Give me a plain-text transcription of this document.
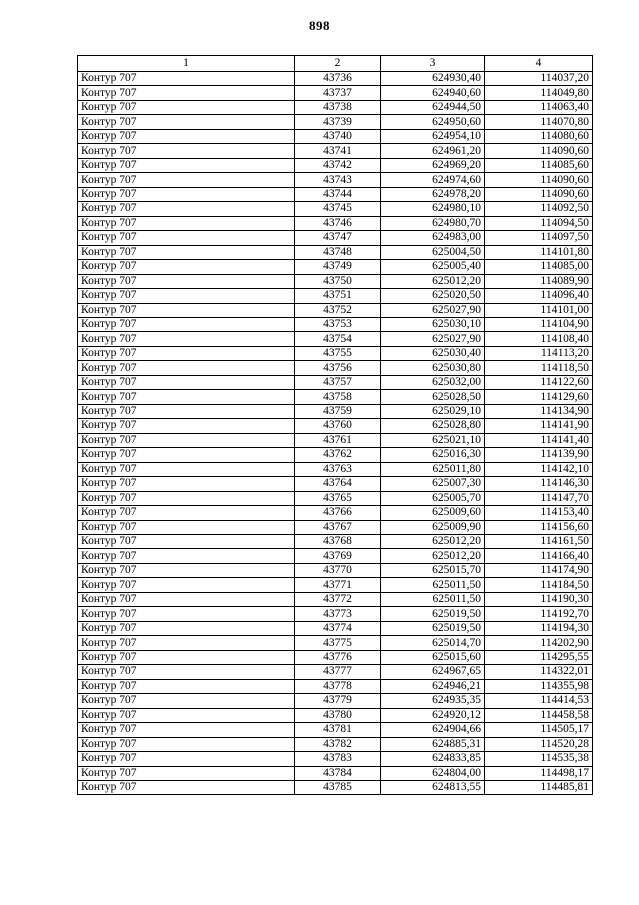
898
1	2	3	4
Контур 707	43736	624930,40	114037,20
Контур 707	43737	624940,60	114049,80
Контур 707	43738	624944,50	114063,40
Контур 707	43739	624950,60	114070,80
Контур 707	43740	624954,10	114080,60
Контур 707	43741	624961,20	114090,60
Контур 707	43742	624969,20	114085,60
Контур 707	43743	624974,60	114090,60
Контур 707	43744	624978,20	114090,60
Контур 707	43745	624980,10	114092,50
Контур 707	43746	624980,70	114094,50
Контур 707	43747	624983,00	114097,50
Контур 707	43748	625004,50	114101,80
Контур 707	43749	625005,40	114085,00
Контур 707	43750	625012,20	114089,90
Контур 707	43751	625020,50	114096,40
Контур 707	43752	625027,90	114101,00
Контур 707	43753	625030,10	114104,90
Контур 707	43754	625027,90	114108,40
Контур 707	43755	625030,40	114113,20
Контур 707	43756	625030,80	114118,50
Контур 707	43757	625032,00	114122,60
Контур 707	43758	625028,50	114129,60
Контур 707	43759	625029,10	114134,90
Контур 707	43760	625028,80	114141,90
Контур 707	43761	625021,10	114141,40
Контур 707	43762	625016,30	114139,90
Контур 707	43763	625011,80	114142,10
Контур 707	43764	625007,30	114146,30
Контур 707	43765	625005,70	114147,70
Контур 707	43766	625009,60	114153,40
Контур 707	43767	625009,90	114156,60
Контур 707	43768	625012,20	114161,50
Контур 707	43769	625012,20	114166,40
Контур 707	43770	625015,70	114174,90
Контур 707	43771	625011,50	114184,50
Контур 707	43772	625011,50	114190,30
Контур 707	43773	625019,50	114192,70
Контур 707	43774	625019,50	114194,30
Контур 707	43775	625014,70	114202,90
Контур 707	43776	625015,60	114295,55
Контур 707	43777	624967,65	114322,01
Контур 707	43778	624946,21	114355,98
Контур 707	43779	624935,35	114414,53
Контур 707	43780	624920,12	114458,58
Контур 707	43781	624904,66	114505,17
Контур 707	43782	624885,31	114520,28
Контур 707	43783	624833,85	114535,38
Контур 707	43784	624804,00	114498,17
Контур 707	43785	624813,55	114485,81
